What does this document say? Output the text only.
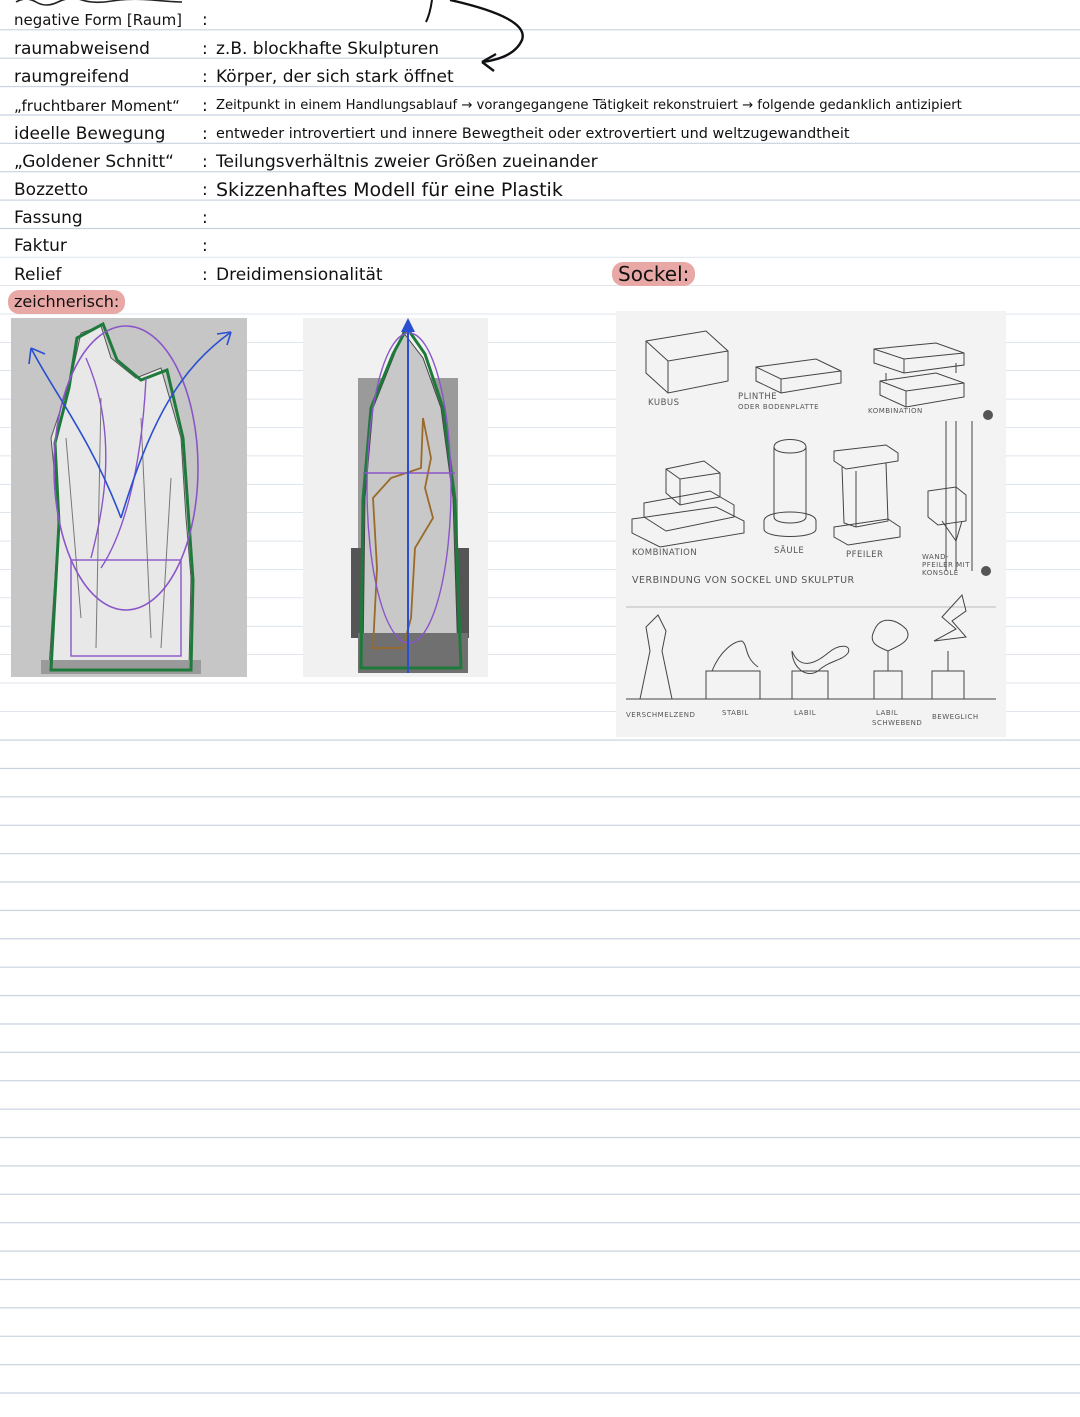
negative Form [Raum] :
raumabweisend	: z.B. blockhafte Skulpturen
raumgreifend	: Körper, der sich stark öffnet
„fruchtbarer Moment“ : Zeitpunkt in einem Handlungsablauf → vorangegangene Tätigkeit rekonstruiert → folgende gedanklich antizipiert
ideelle Bewegung : entweder introvertiert und innere Bewegtheit oder extrovertiert und weltzugewandtheit
„Goldener Schnitt“ : Teilungsverhältnis zweier Größen zueinander
Bozzetto	: Skizzenhaftes Modell für eine Plastik
Fassung	:
Faktur	:
Relief	: Dreidimensionalität
zeichnerisch:
Sockel:
KUBUS
PLINTHE
ODER BODENPLATTE	KOMBINATION
KOMBINATION	SÄULE	PFEILER	WAND-
PFEILER MIT
KONSOLE
VERBINDUNG VON SOCKEL UND SKULPTUR
VERSCHMELZEND	STABIL	LABIL	LABIL
SCHWEBEND
BEWEGLICH
